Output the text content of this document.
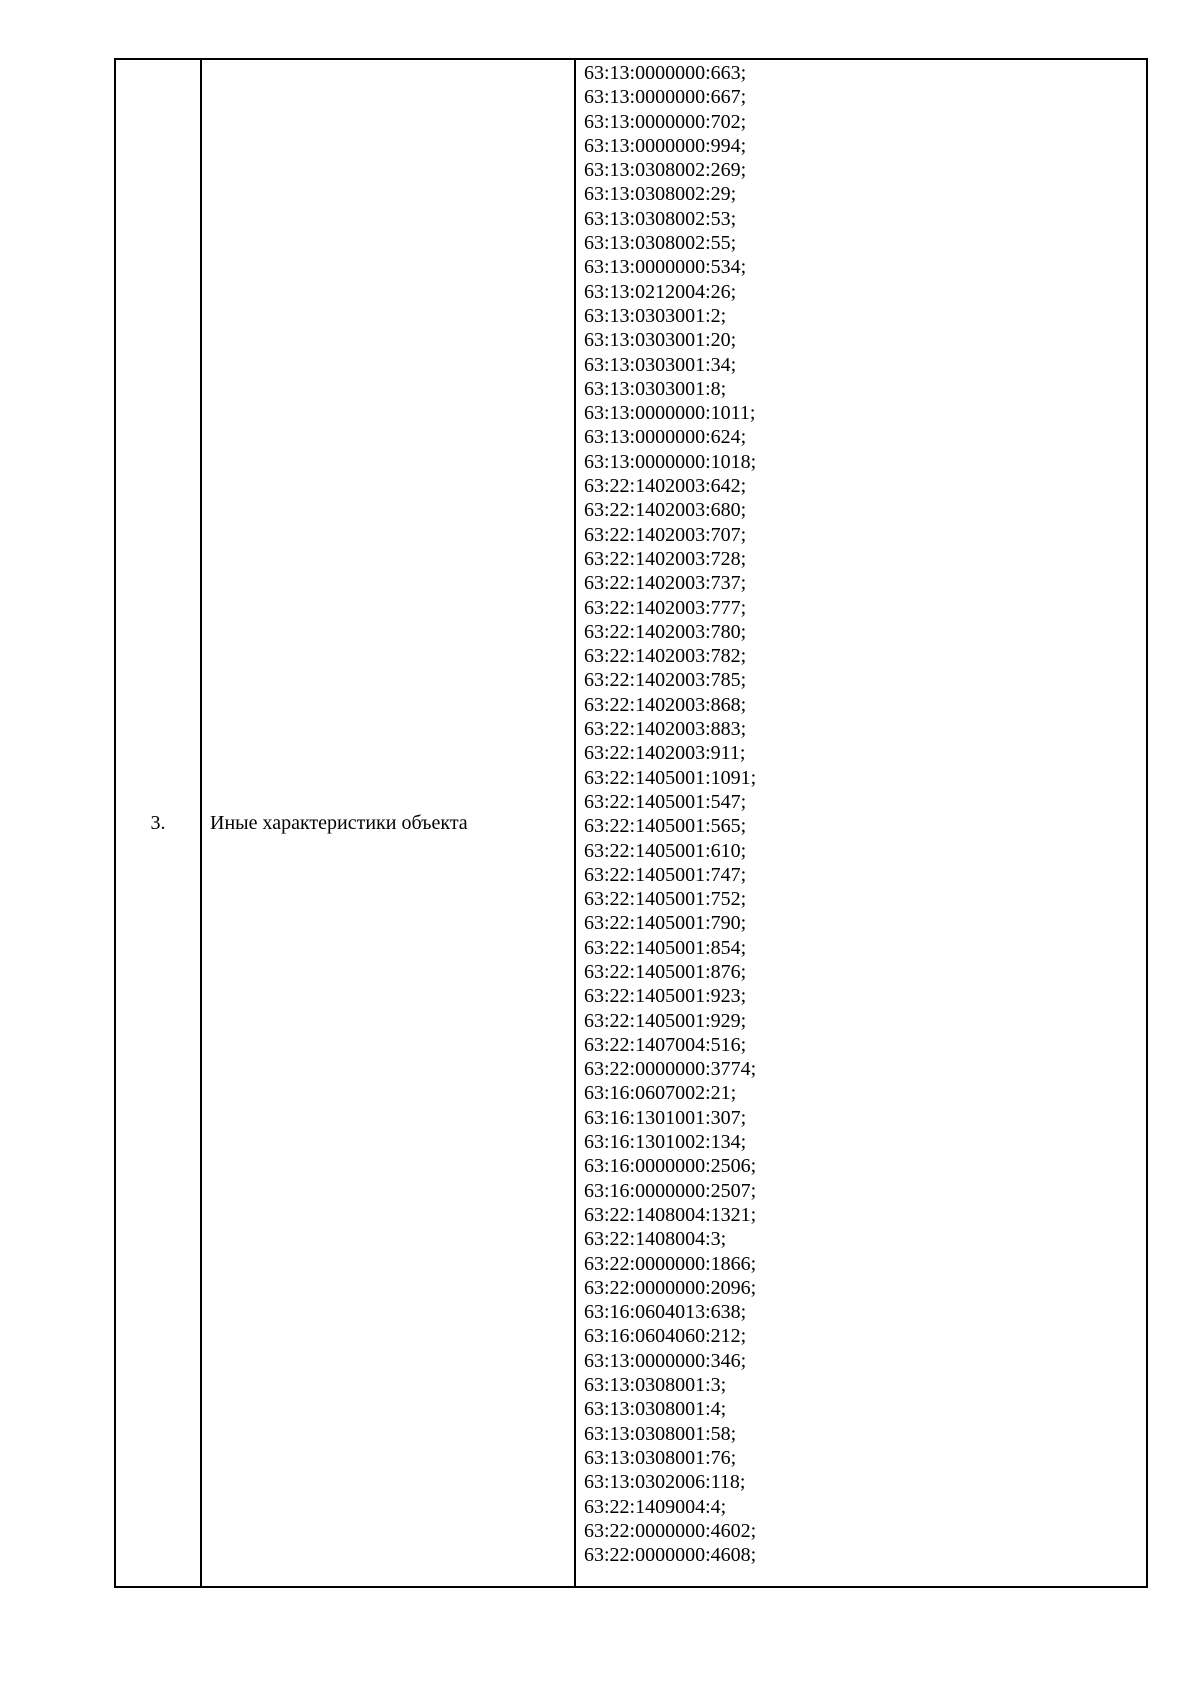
3.	Иные характеристики объекта	
63:13:0000000:663;
63:13:0000000:667;
63:13:0000000:702;
63:13:0000000:994;
63:13:0308002:269;
63:13:0308002:29;
63:13:0308002:53;
63:13:0308002:55;
63:13:0000000:534;
63:13:0212004:26;
63:13:0303001:2;
63:13:0303001:20;
63:13:0303001:34;
63:13:0303001:8;
63:13:0000000:1011;
63:13:0000000:624;
63:13:0000000:1018;
63:22:1402003:642;
63:22:1402003:680;
63:22:1402003:707;
63:22:1402003:728;
63:22:1402003:737;
63:22:1402003:777;
63:22:1402003:780;
63:22:1402003:782;
63:22:1402003:785;
63:22:1402003:868;
63:22:1402003:883;
63:22:1402003:911;
63:22:1405001:1091;
63:22:1405001:547;
63:22:1405001:565;
63:22:1405001:610;
63:22:1405001:747;
63:22:1405001:752;
63:22:1405001:790;
63:22:1405001:854;
63:22:1405001:876;
63:22:1405001:923;
63:22:1405001:929;
63:22:1407004:516;
63:22:0000000:3774;
63:16:0607002:21;
63:16:1301001:307;
63:16:1301002:134;
63:16:0000000:2506;
63:16:0000000:2507;
63:22:1408004:1321;
63:22:1408004:3;
63:22:0000000:1866;
63:22:0000000:2096;
63:16:0604013:638;
63:16:0604060:212;
63:13:0000000:346;
63:13:0308001:3;
63:13:0308001:4;
63:13:0308001:58;
63:13:0308001:76;
63:13:0302006:118;
63:22:1409004:4;
63:22:0000000:4602;
63:22:0000000:4608;
